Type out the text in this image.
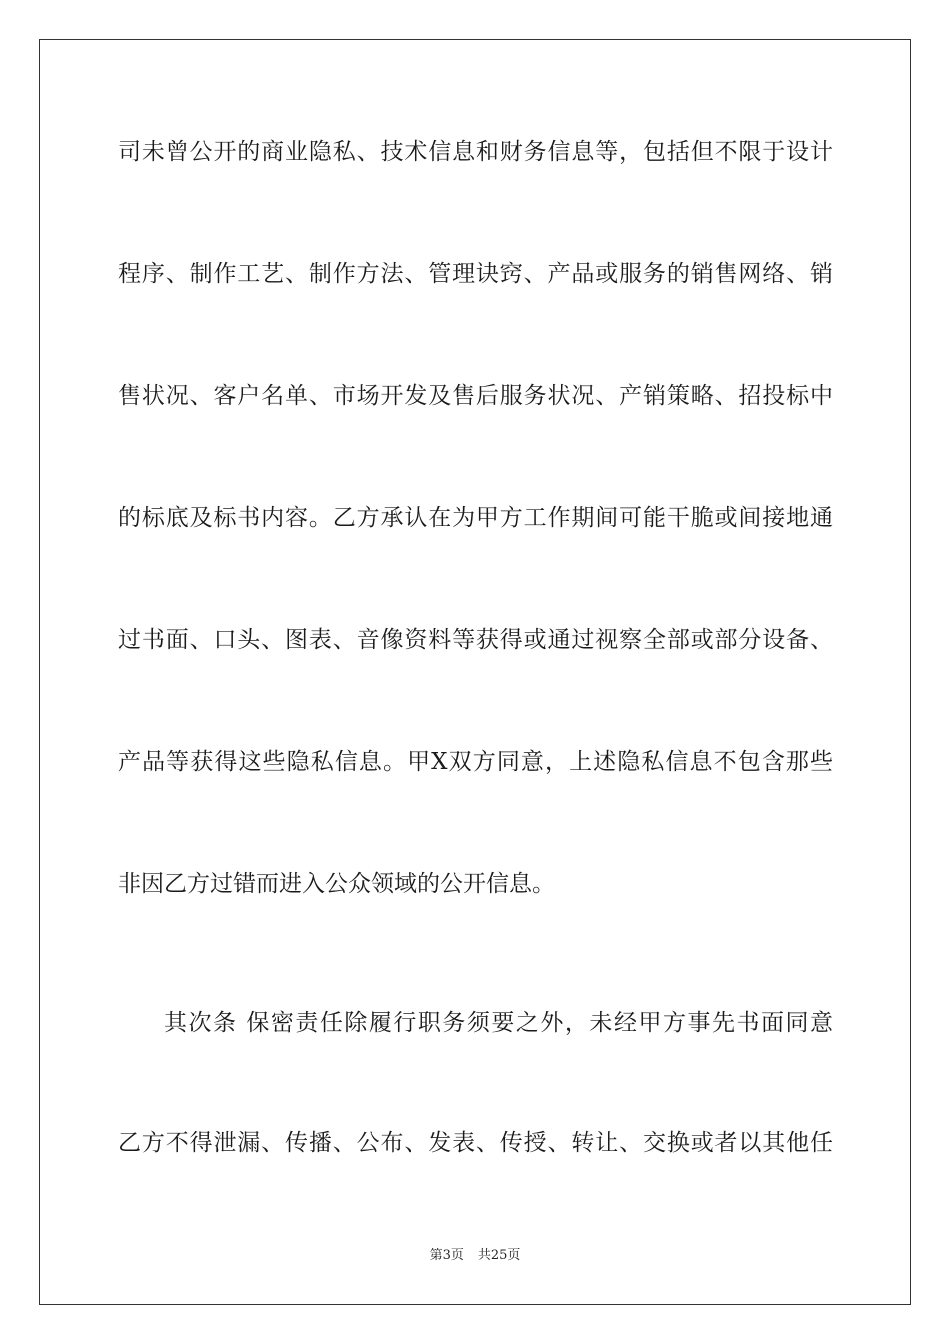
司未曾公开的商业隐私、技术信息和财务信息等，包括但不限于设计
程序、制作工艺、制作方法、管理诀窍、产品或服务的销售网络、销
售状况、客户名单、市场开发及售后服务状况、产销策略、招投标中
的标底及标书内容。乙方承认在为甲方工作期间可能干脆或间接地通
过书面、口头、图表、音像资料等获得或通过视察全部或部分设备、
产品等获得这些隐私信息。甲X双方同意，上述隐私信息不包含那些
非因乙方过错而进入公众领域的公开信息。
其次条 保密责任除履行职务须要之外，未经甲方事先书面同意
乙方不得泄漏、传播、公布、发表、传授、转让、交换或者以其他任
第3页 共25页
